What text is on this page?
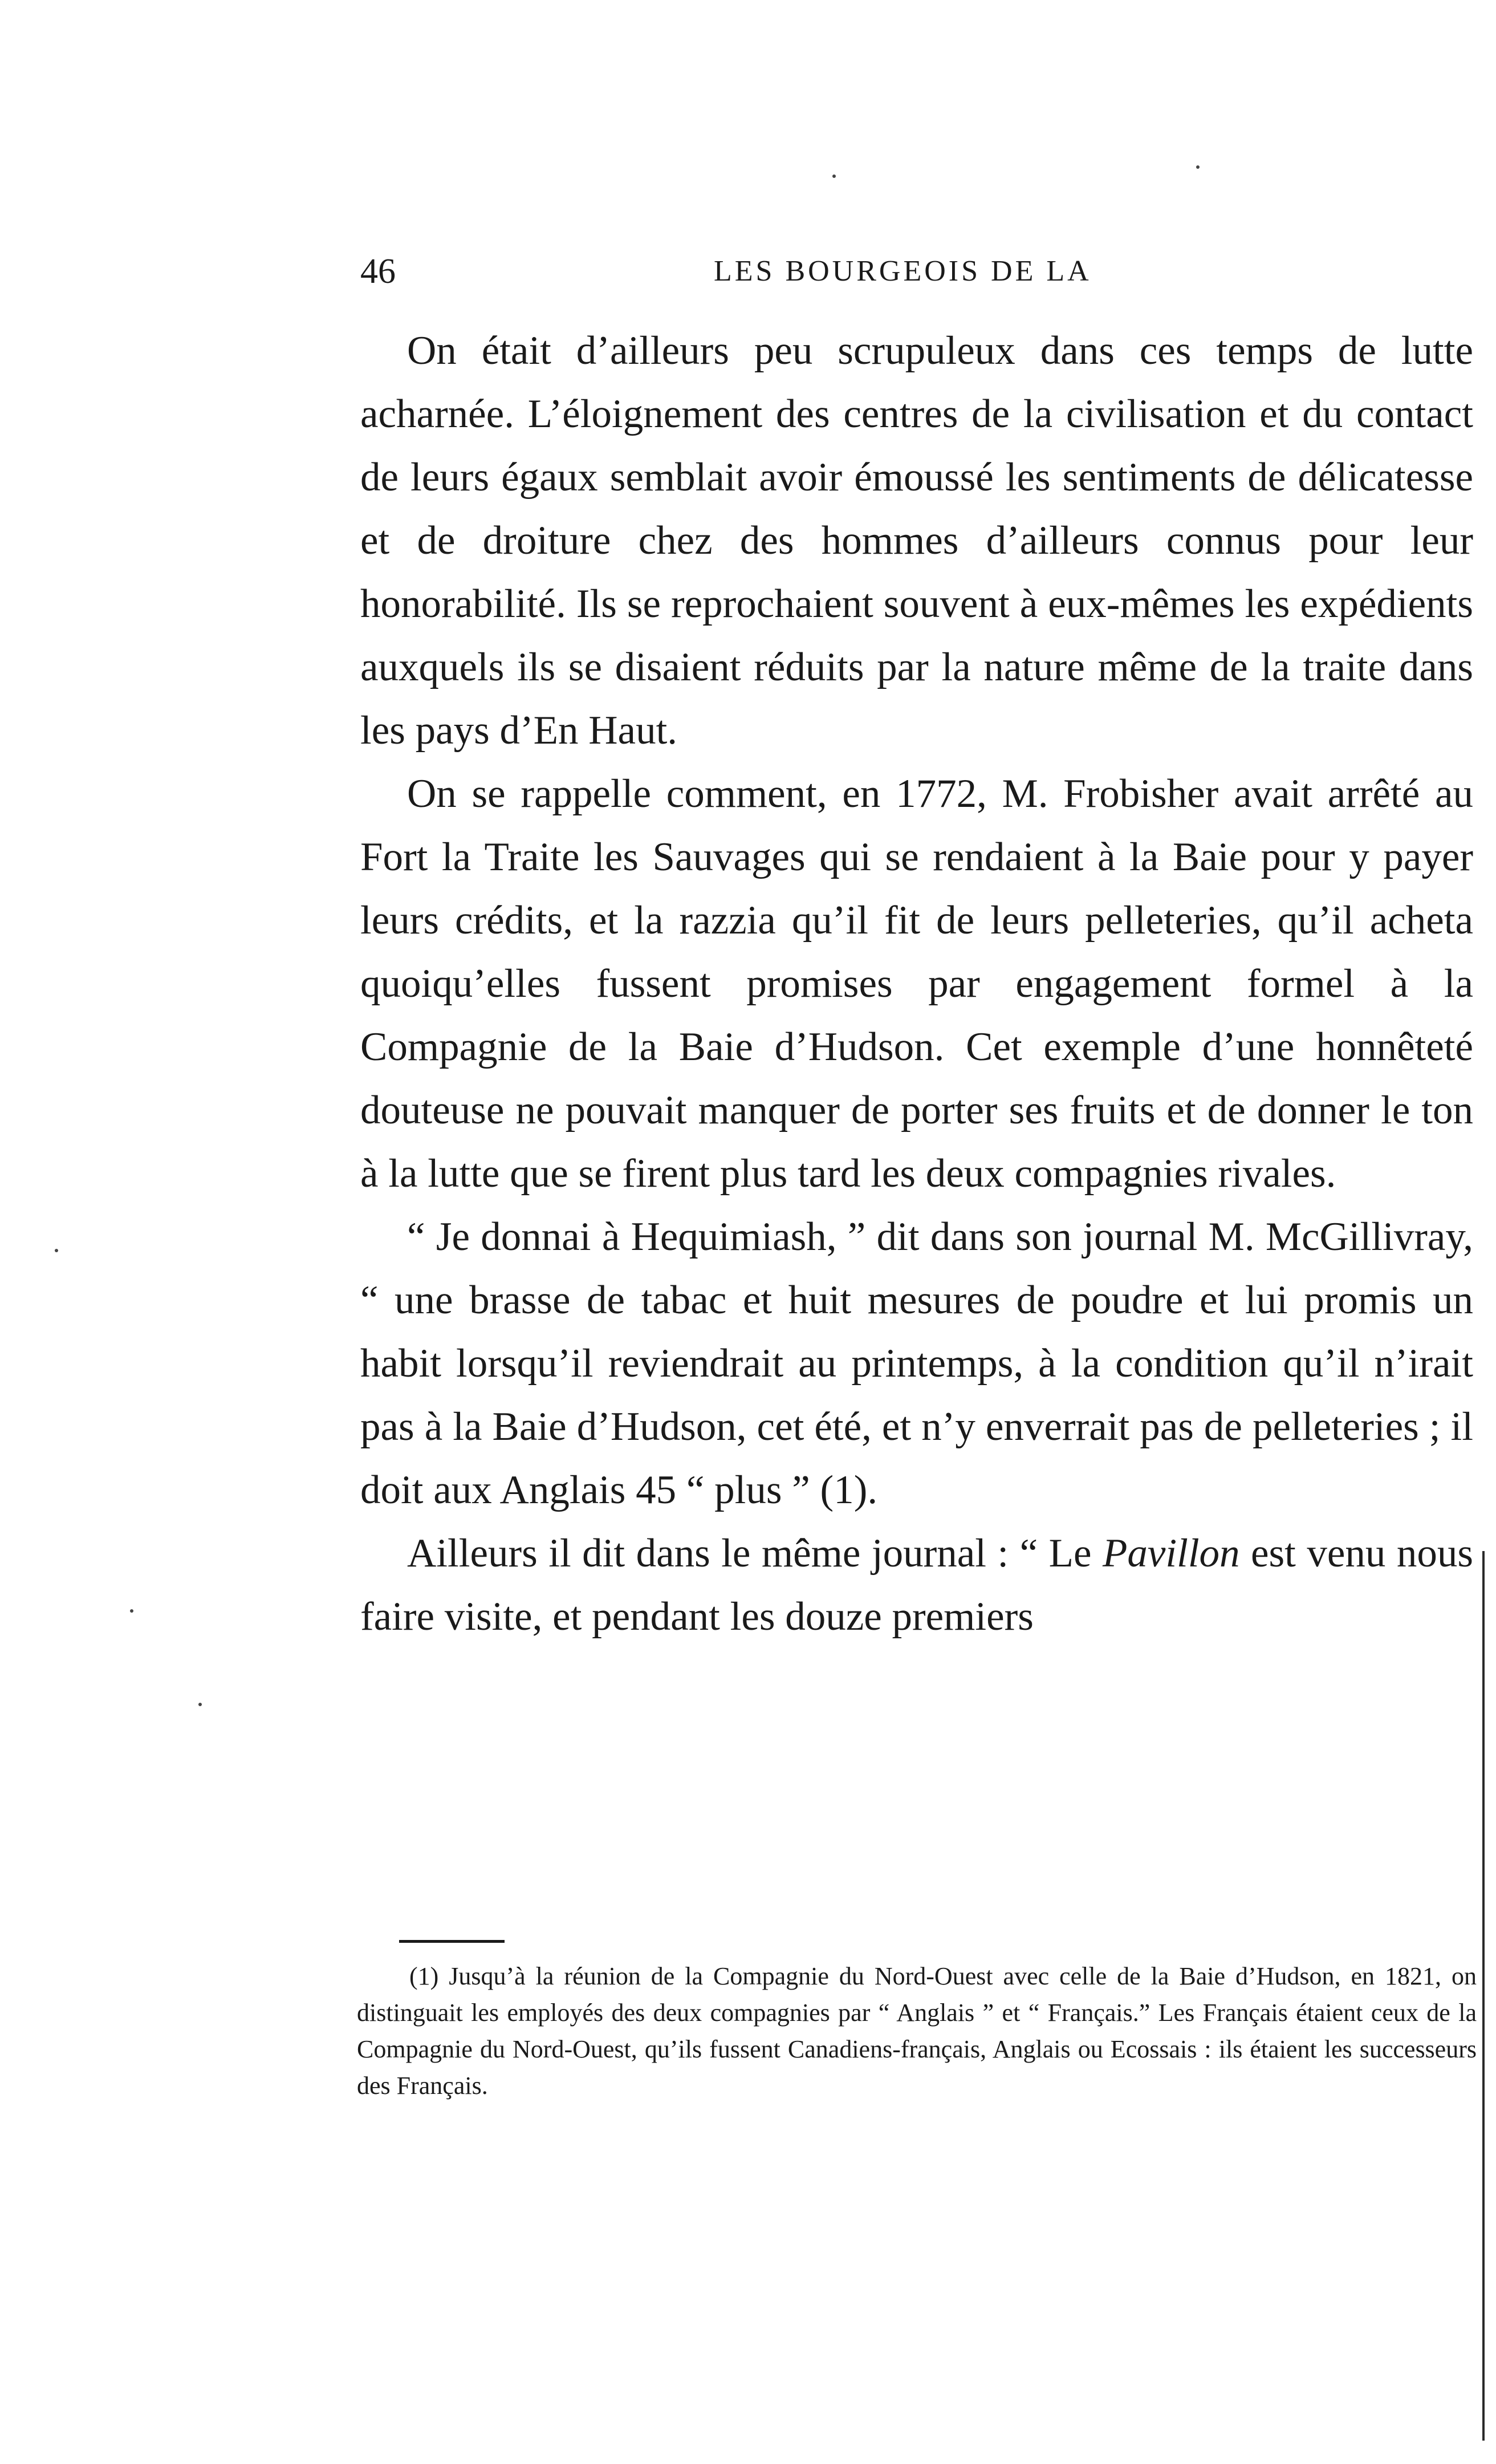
46	LES BOURGEOIS DE LA

On était d’ailleurs peu scrupuleux dans ces temps de lutte acharnée. L’éloignement des centres de la civilisation et du contact de leurs égaux semblait avoir émoussé les sentiments de délicatesse et de droiture chez des hommes d’ailleurs connus pour leur honorabilité. Ils se reprochaient souvent à eux-mêmes les expédients auxquels ils se disaient réduits par la nature même de la traite dans les pays d’En Haut.

On se rappelle comment, en 1772, M. Frobisher avait arrêté au Fort la Traite les Sauvages qui se rendaient à la Baie pour y payer leurs crédits, et la razzia qu’il fit de leurs pelleteries, qu’il acheta quoiqu’elles fussent promises par engagement formel à la Compagnie de la Baie d’Hudson. Cet exemple d’une honnêteté douteuse ne pouvait manquer de porter ses fruits et de donner le ton à la lutte que se firent plus tard les deux compagnies rivales.

“ Je donnai à Hequimiash, ” dit dans son journal M. McGillivray, “ une brasse de tabac et huit mesures de poudre et lui promis un habit lorsqu’il reviendrait au printemps, à la condition qu’il n’irait pas à la Baie d’Hudson, cet été, et n’y enverrait pas de pelleteries ; il doit aux Anglais 45 “ plus ” (1).

Ailleurs il dit dans le même journal : “ Le Pavillon est venu nous faire visite, et pendant les douze premiers

(1) Jusqu’à la réunion de la Compagnie du Nord-Ouest avec celle de la Baie d’Hudson, en 1821, on distinguait les employés des deux compagnies par “ Anglais ” et “ Français.” Les Français étaient ceux de la Compagnie du Nord-Ouest, qu’ils fussent Canadiens-français, Anglais ou Ecossais : ils étaient les successeurs des Français.
